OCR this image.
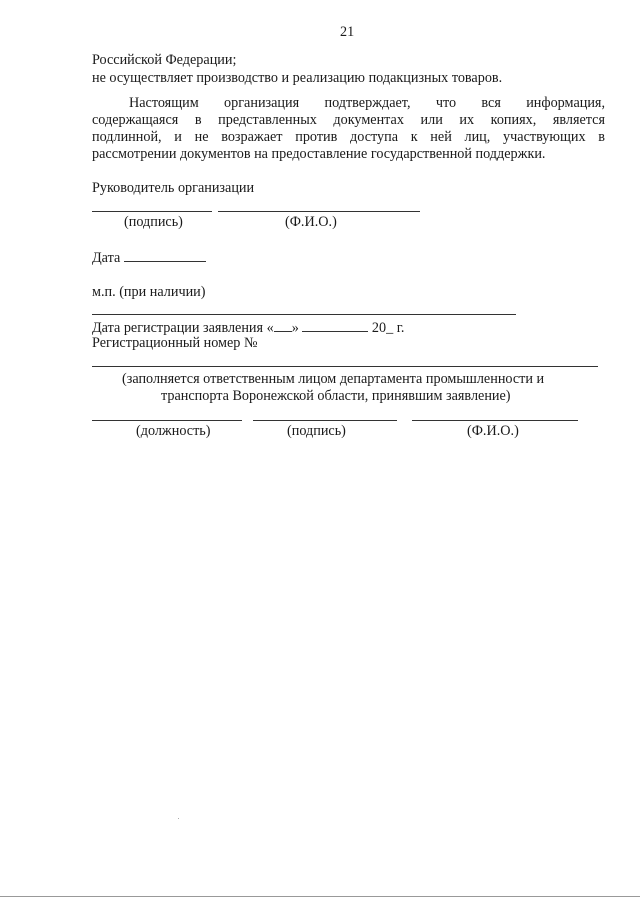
21
Российской Федерации;
не осуществляет производство и реализацию подакцизных товаров.
Настоящим организация подтверждает, что вся информация,
содержащаяся в представленных документах или их копиях, является
подлинной, и не возражает против доступа к ней лиц, участвующих в
рассмотрении документов на предоставление государственной поддержки.
Руководитель организации
(подпись)	(Ф.И.О.)
Дата
м.п. (при наличии)
Дата регистрации заявления « »	20_ г.
Регистрационный номер №
(заполняется ответственным лицом департамента промышленности и
транспорта Воронежской области, принявшим заявление)
(должность)	(подпись)	(Ф.И.О.)
